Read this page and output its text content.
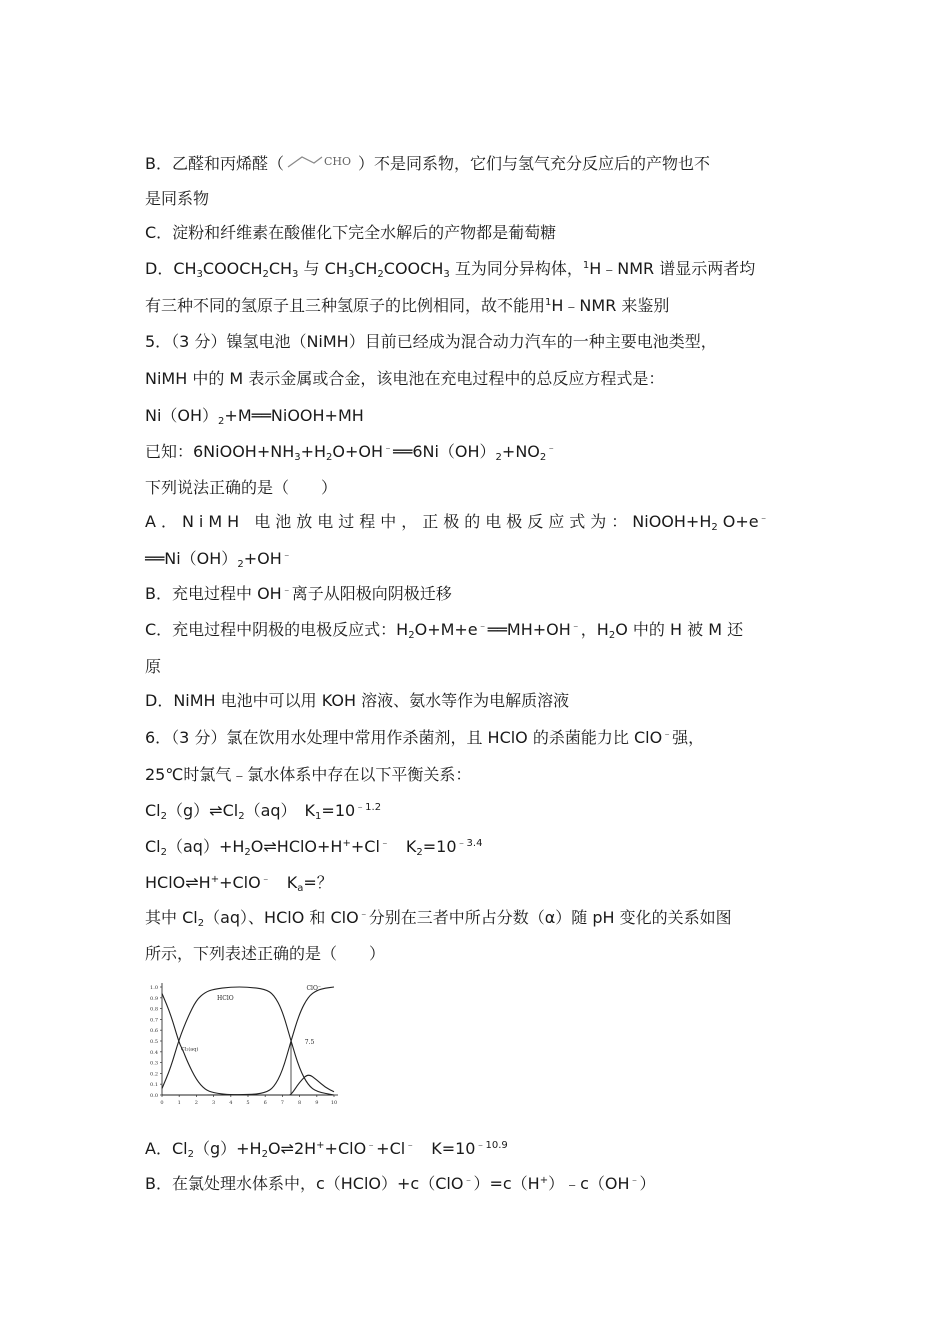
B．乙醛和丙烯醛（	CHO ）不是同系物，它们与氢气充分反应后的产物也不
是同系物
C．淀粉和纤维素在酸催化下完全水解后的产物都是葡萄糖
D．$CH_3COOCH_2CH_3$ 与 $CH_3CH_2COOCH_3$ 互为同分异构体，$^1$H﹣NMR 谱显示两者均
有三种不同的氢原子且三种氢原子的比例相同，故不能用$^1$H﹣NMR 来鉴别
5．（3 分）镍氢电池（NiMH）目前已经成为混合动力汽车的一种主要电池类型，
NiMH 中的 M 表示金属或合金，该电池在充电过程中的总反应方程式是：
$Ni(OH)_2+M══NiOOH+MH$
已知：$6NiOOH+NH_3+H_2O+OH^﹣══6Ni(OH)_2+NO_2^﹣$
下列说法正确的是（　　）
A．NiMH 电池放电过程中，正极的电极反应式为：$NiOOH+H_2O+e^﹣$
$══Ni(OH)_2+OH^﹣$
B．充电过程中 OH﹣离子从阳极向阴极迁移
C．充电过程中阴极的电极反应式：$H_2O+M+e^﹣══MH+OH^﹣$，$H_2O$ 中的 H 被 M 还
原
D．NiMH 电池中可以用 KOH 溶液、氨水等作为电解质溶液
6．（3 分）氯在饮用水处理中常用作杀菌剂，且 HClO 的杀菌能力比 ClO﹣强，
25℃时氯气﹣氯水体系中存在以下平衡关系：
$Cl_2(g)\rightleftharpoons Cl_2(aq)$　$K_1=10^{﹣1.2}$
$Cl_2(aq)+H_2O\rightleftharpoons HClO+H^++Cl^﹣$　$K_2=10^{﹣3.4}$
HClO⇌H++ClO﹣　$K_a=$？
其中 $Cl_2(aq)$、HClO 和 ClO﹣分别在三者中所占分数（α）随 pH 变化的关系如图
所示，下列表述正确的是（　　）
0	1	2	3	4	5	6	7	8	9 10
0.0
0.1
0.2
0.3
0.4
0.5
0.6
0.7
0.8
0.9
1.0
HClO
Cl₂(aq)
ClO⁻
7.5
A．$Cl_2(g)+H_2O\rightleftharpoons 2H^++ClO^﹣+Cl^﹣$　$K=10^{﹣10.9}$
B．在氯处理水体系中，c（HClO）+c（ClO﹣）=c（H+）﹣c（OH﹣）
